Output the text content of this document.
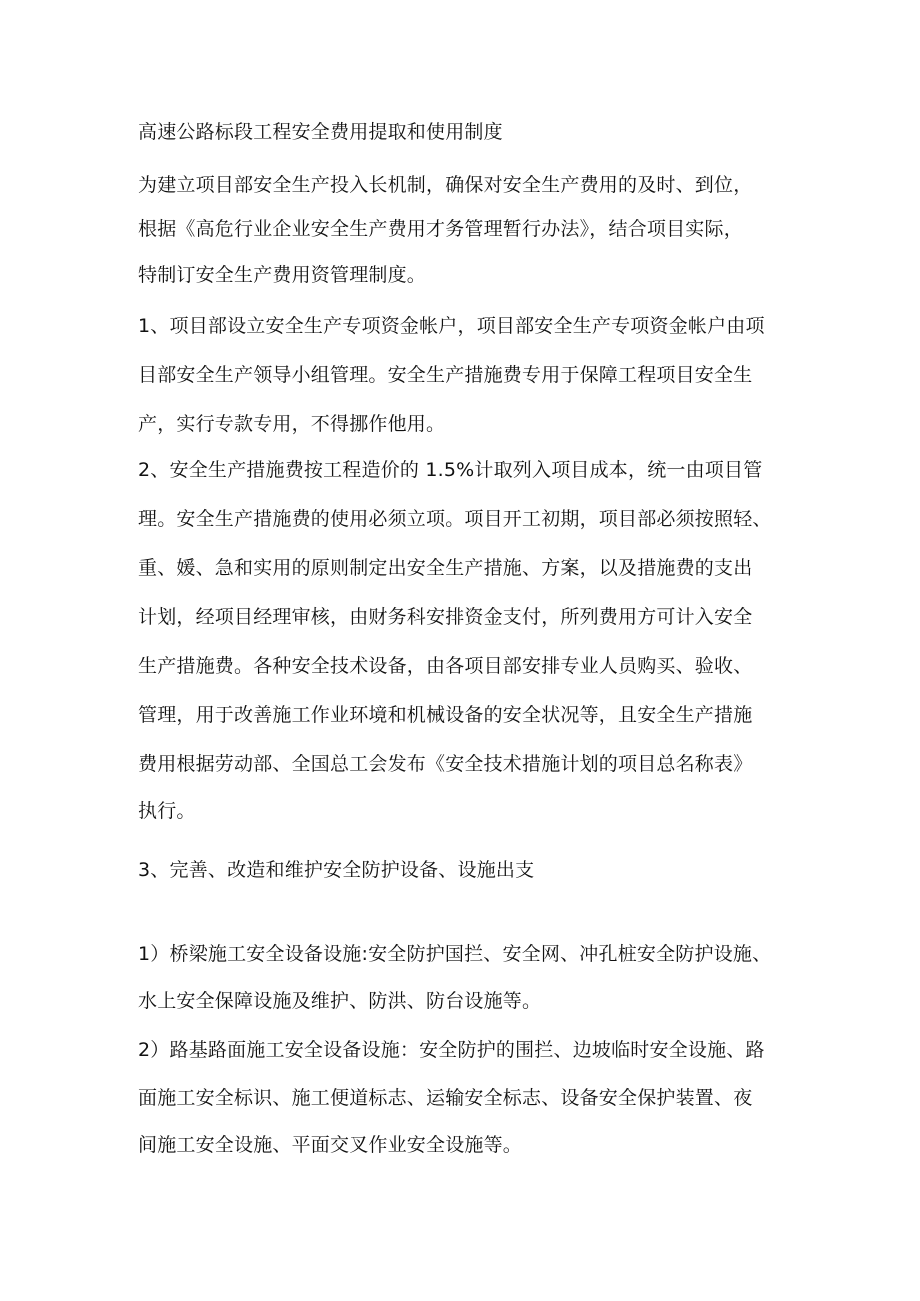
高速公路标段工程安全费用提取和使用制度
为建立项目部安全生产投入长机制，确保对安全生产费用的及时、到位，
根据《高危行业企业安全生产费用才务管理暂行办法》，结合项目实际，
特制订安全生产费用资管理制度。
1、项目部设立安全生产专项资金帐户，项目部安全生产专项资金帐户由项
目部安全生产领导小组管理。安全生产措施费专用于保障工程项目安全生
产，实行专款专用，不得挪作他用。
2、安全生产措施费按工程造价的 1.5%计取列入项目成本，统一由项目管
理。安全生产措施费的使用必须立项。项目开工初期，项目部必须按照轻、
重、媛、急和实用的原则制定出安全生产措施、方案，以及措施费的支出
计划，经项目经理审核，由财务科安排资金支付，所列费用方可计入安全
生产措施费。各种安全技术设备，由各项目部安排专业人员购买、验收、
管理，用于改善施工作业环境和机械设备的安全状况等，且安全生产措施
费用根据劳动部、全国总工会发布《安全技术措施计划的项目总名称表》
执行。
3、完善、改造和维护安全防护设备、设施出支
1）桥梁施工安全设备设施:安全防护国拦、安全网、冲孔桩安全防护设施、
水上安全保障设施及维护、防洪、防台设施等。
2）路基路面施工安全设备设施：安全防护的围拦、边坡临时安全设施、路
面施工安全标识、施工便道标志、运输安全标志、设备安全保护装置、夜
间施工安全设施、平面交叉作业安全设施等。
